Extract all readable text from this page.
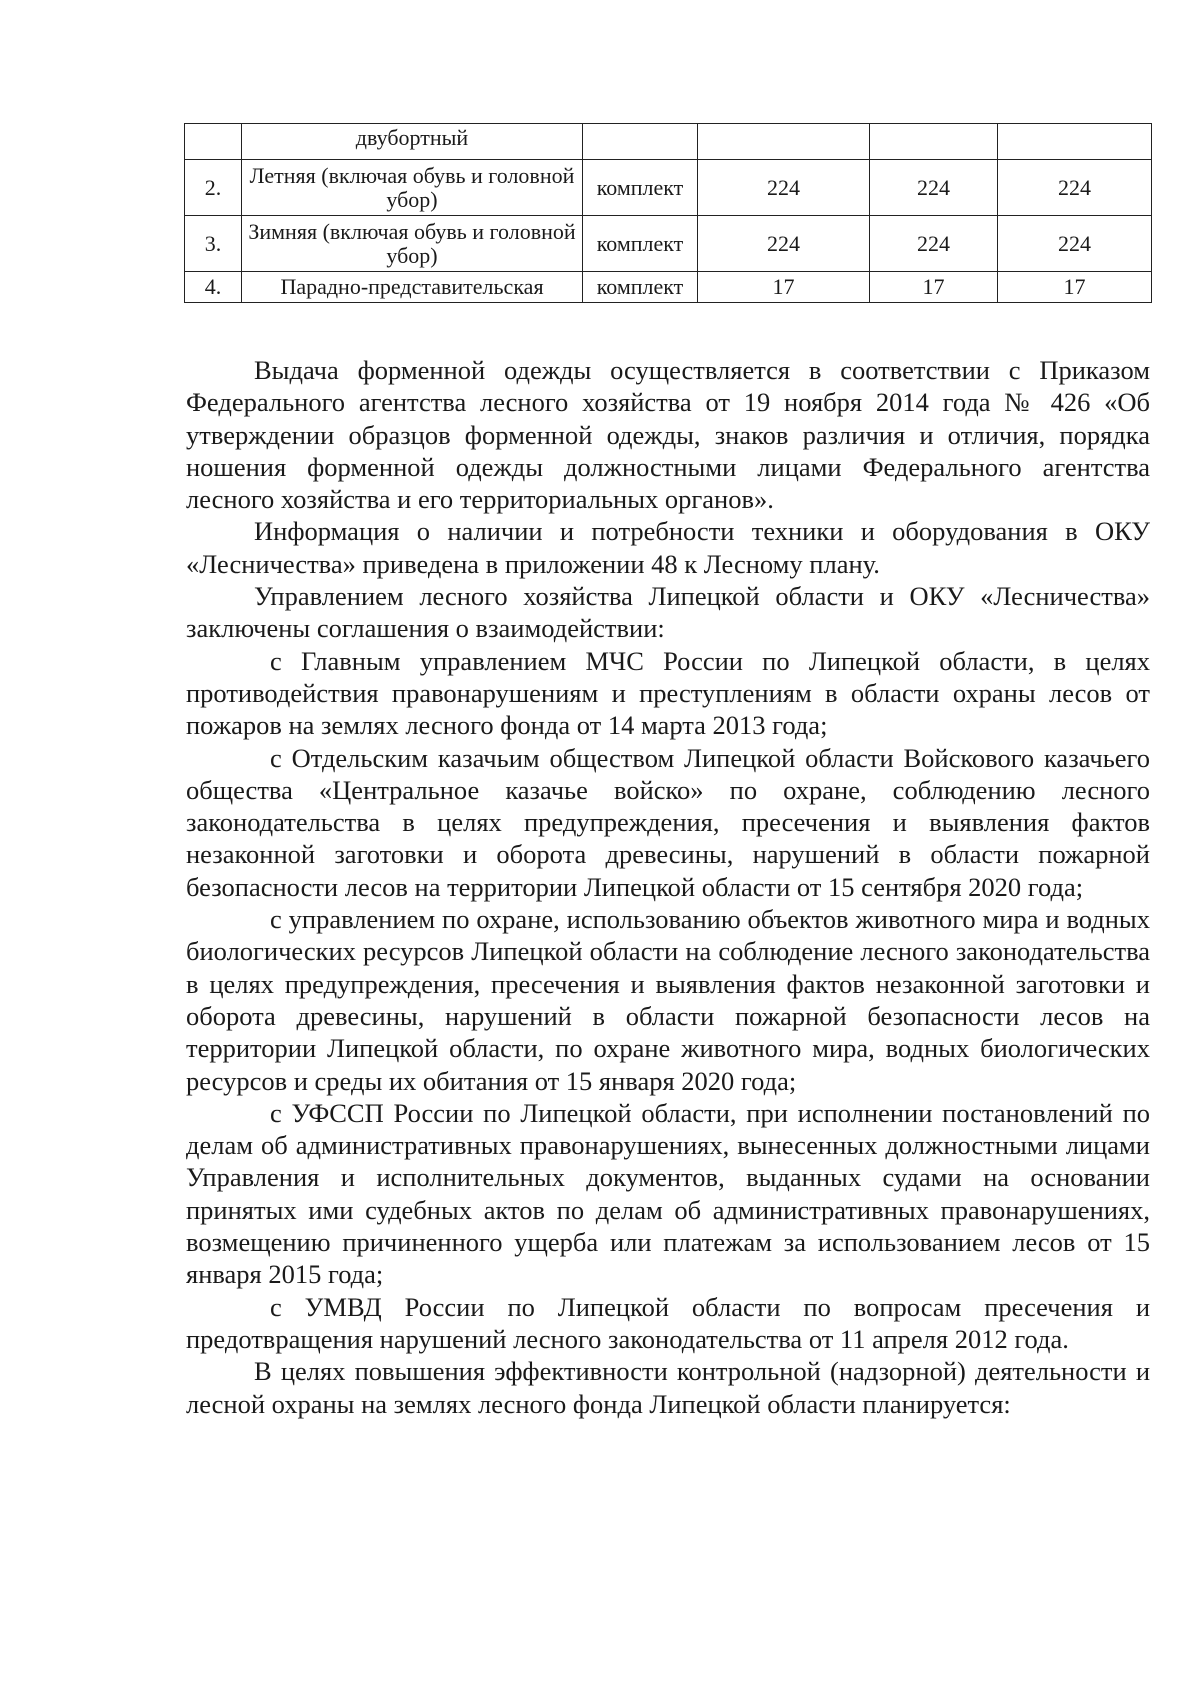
	двубортный				
2.	Летняя (включая обувь и головной убор)	комплект	224	224	224
3.	Зимняя (включая обувь и головной убор)	комплект	224	224	224
4.	Парадно-представительская	комплект	17	17	17

Выдача форменной одежды осуществляется в соответствии с Приказом Федерального агентства лесного хозяйства от 19 ноября 2014 года № 426 «Об утверждении образцов форменной одежды, знаков различия и отличия, порядка ношения форменной одежды должностными лицами Федерального агентства лесного хозяйства и его территориальных органов».

Информация о наличии и потребности техники и оборудования в ОКУ «Лесничества» приведена в приложении 48 к Лесному плану.

Управлением лесного хозяйства Липецкой области и ОКУ «Лесничества» заключены соглашения о взаимодействии:

с Главным управлением МЧС России по Липецкой области, в целях противодействия правонарушениям и преступлениям в области охраны лесов от пожаров на землях лесного фонда от 14 марта 2013 года;

с Отдельским казачьим обществом Липецкой области Войскового казачьего общества «Центральное казачье войско» по охране, соблюдению лесного законодательства в целях предупреждения, пресечения и выявления фактов незаконной заготовки и оборота древесины, нарушений в области пожарной безопасности лесов на территории Липецкой области от 15 сентября 2020 года;

с управлением по охране, использованию объектов животного мира и водных биологических ресурсов Липецкой области на соблюдение лесного законодательства в целях предупреждения, пресечения и выявления фактов незаконной заготовки и оборота древесины, нарушений в области пожарной безопасности лесов на территории Липецкой области, по охране животного мира, водных биологических ресурсов и среды их обитания от 15 января 2020 года;

с УФССП России по Липецкой области, при исполнении постановлений по делам об административных правонарушениях, вынесенных должностными лицами Управления и исполнительных документов, выданных судами на основании принятых ими судебных актов по делам об административных правонарушениях, возмещению причиненного ущерба или платежам за использованием лесов от 15 января 2015 года;

с УМВД России по Липецкой области по вопросам пресечения и предотвращения нарушений лесного законодательства от 11 апреля 2012 года.

В целях повышения эффективности контрольной (надзорной) деятельности и лесной охраны на землях лесного фонда Липецкой области планируется:
